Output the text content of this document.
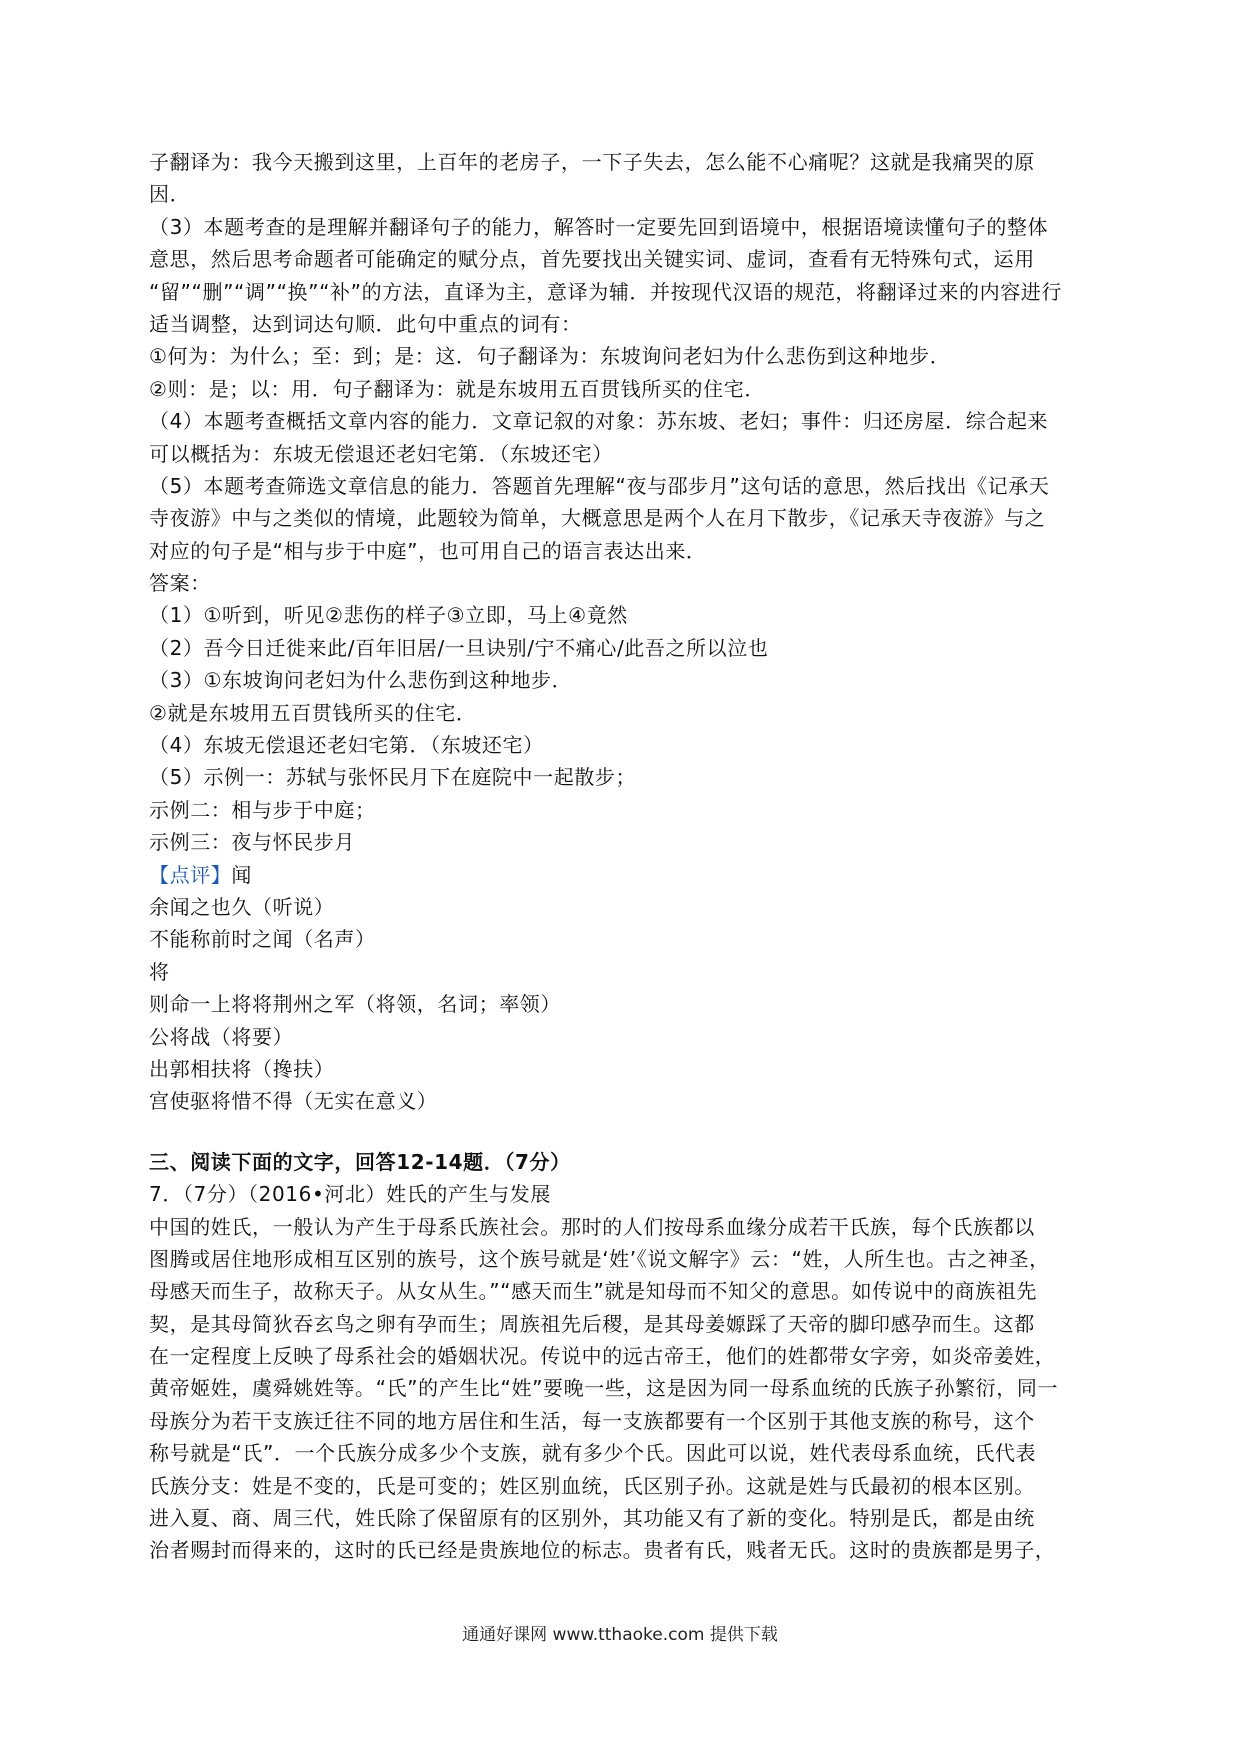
子翻译为：我今天搬到这里，上百年的老房子，一下子失去，怎么能不心痛呢？这就是我痛哭的原
因．
（3）本题考查的是理解并翻译句子的能力，解答时一定要先回到语境中，根据语境读懂句子的整体
意思，然后思考命题者可能确定的赋分点，首先要找出关键实词、虚词，查看有无特殊句式，运用
“留”“删”“调”“换”“补”的方法，直译为主，意译为辅．并按现代汉语的规范，将翻译过来的内容进行
适当调整，达到词达句顺．此句中重点的词有：
①何为：为什么；至：到；是：这．句子翻译为：东坡询问老妇为什么悲伤到这种地步．
②则：是；以：用．句子翻译为：就是东坡用五百贯钱所买的住宅．
（4）本题考查概括文章内容的能力．文章记叙的对象：苏东坡、老妇；事件：归还房屋．综合起来
可以概括为：东坡无偿退还老妇宅第．（东坡还宅）
（5）本题考查筛选文章信息的能力．答题首先理解“夜与邵步月”这句话的意思，然后找出《记承天
寺夜游》中与之类似的情境，此题较为简单，大概意思是两个人在月下散步，《记承天寺夜游》与之
对应的句子是“相与步于中庭”，也可用自己的语言表达出来．
答案：
（1）①听到，听见②悲伤的样子③立即，马上④竟然
（2）吾今日迁徙来此/百年旧居/一旦诀别/宁不痛心/此吾之所以泣也
（3）①东坡询问老妇为什么悲伤到这种地步．
②就是东坡用五百贯钱所买的住宅．
（4）东坡无偿退还老妇宅第．（东坡还宅）
（5）示例一：苏轼与张怀民月下在庭院中一起散步；
示例二：相与步于中庭；
示例三：夜与怀民步月
【点评】闻
余闻之也久（听说）
不能称前时之闻（名声）
将
则命一上将将荆州之军（将领，名词；率领）
公将战（将要）
出郭相扶将（搀扶）
宫使驱将惜不得（无实在意义）
三、阅读下面的文字，回答12-14题．（7分）
7．（7分）（2016•河北）姓氏的产生与发展
中国的姓氏，一般认为产生于母系氏族社会。那时的人们按母系血缘分成若干氏族，每个氏族都以
图腾或居住地形成相互区别的族号，这个族号就是‘姓’《说文解字》云：“姓，人所生也。古之神圣，
母感天而生子，故称天子。从女从生。”“感天而生”就是知母而不知父的意思。如传说中的商族祖先
契，是其母简狄吞玄鸟之卵有孕而生；周族祖先后稷，是其母姜嫄踩了天帝的脚印感孕而生。这都
在一定程度上反映了母系社会的婚姻状况。传说中的远古帝王，他们的姓都带女字旁，如炎帝姜姓，
黄帝姬姓，虞舜姚姓等。“氏”的产生比“姓”要晚一些，这是因为同一母系血统的氏族子孙繁衍，同一
母族分为若干支族迁往不同的地方居住和生活，每一支族都要有一个区别于其他支族的称号，这个
称号就是“氏”．一个氏族分成多少个支族，就有多少个氏。因此可以说，姓代表母系血统，氏代表
氏族分支：姓是不变的，氏是可变的；姓区别血统，氏区别子孙。这就是姓与氏最初的根本区别。
进入夏、商、周三代，姓氏除了保留原有的区别外，其功能又有了新的变化。特别是氏，都是由统
治者赐封而得来的，这时的氏已经是贵族地位的标志。贵者有氏，贱者无氏。这时的贵族都是男子，
通通好课网 www.tthaoke.com 提供下载
